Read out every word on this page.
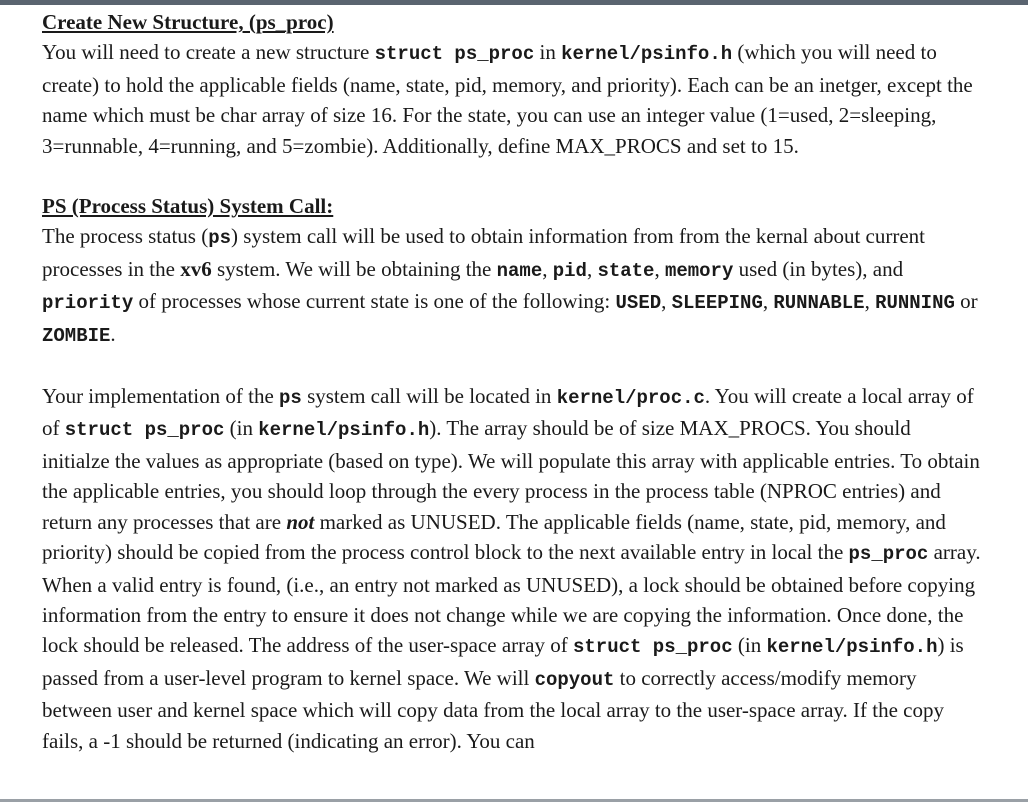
Create New Structure, (ps_proc)

You will need to create a new structure struct ps_proc in kernel/psinfo.h (which you will need to create) to hold the applicable fields (name, state, pid, memory, and priority). Each can be an inetger, except the name which must be char array of size 16. For the state, you can use an integer value (1=used, 2=sleeping, 3=runnable, 4=running, and 5=zombie). Additionally, define MAX_PROCS and set to 15.

PS (Process Status) System Call:

The process status (ps) system call will be used to obtain information from from the kernal about current processes in the xv6 system. We will be obtaining the name, pid, state, memory used (in bytes), and priority of processes whose current state is one of the following: USED, SLEEPING, RUNNABLE, RUNNING or ZOMBIE.

Your implementation of the ps system call will be located in kernel/proc.c. You will create a local array of of struct ps_proc (in kernel/psinfo.h). The array should be of size MAX_PROCS. You should initialze the values as appropriate (based on type). We will populate this array with applicable entries. To obtain the applicable entries, you should loop through the every process in the process table (NPROC entries) and return any processes that are not marked as UNUSED. The applicable fields (name, state, pid, memory, and priority) should be copied from the process control block to the next available entry in local the ps_proc array. When a valid entry is found, (i.e., an entry not marked as UNUSED), a lock should be obtained before copying information from the entry to ensure it does not change while we are copying the information. Once done, the lock should be released. The address of the user-space array of struct ps_proc (in kernel/psinfo.h) is passed from a user-level program to kernel space. We will copyout to correctly access/modify memory between user and kernel space which will copy data from the local array to the user-space array. If the copy fails, a -1 should be returned (indicating an error). You can
